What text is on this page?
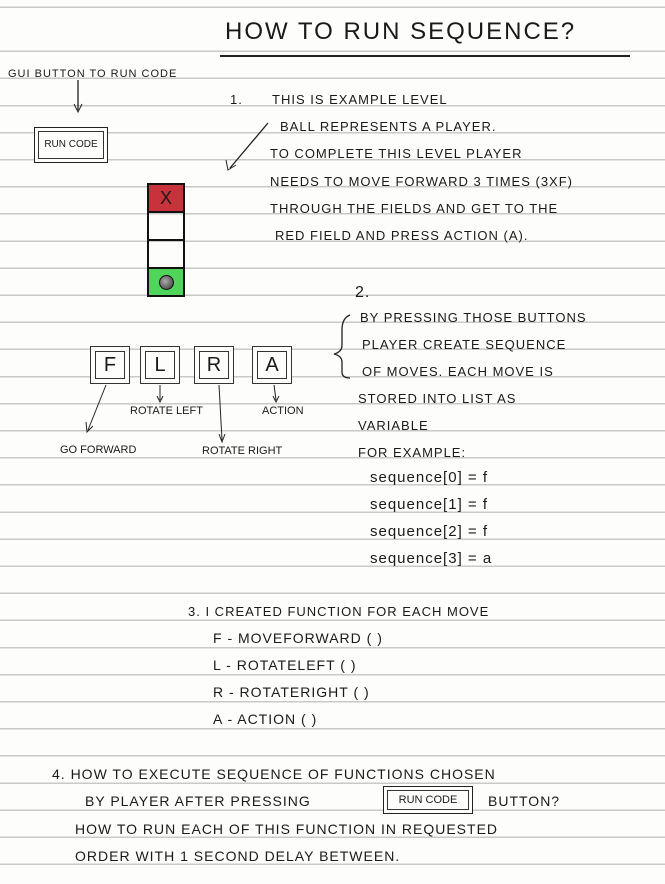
HOW TO RUN SEQUENCE?
GUI BUTTON TO RUN CODE
RUN CODE
X
1. THIS IS EXAMPLE LEVEL
BALL REPRESENTS A PLAYER.
TO COMPLETE THIS LEVEL PLAYER
NEEDS TO MOVE FORWARD 3 TIMES (3XF)
THROUGH THE FIELDS AND GET TO THE
RED FIELD AND PRESS ACTION (A).
F L R A
GO FORWARD
ROTATE LEFT
ROTATE RIGHT
ACTION
2.
BY PRESSING THOSE BUTTONS
PLAYER CREATE SEQUENCE
OF MOVES. EACH MOVE IS
STORED INTO LIST AS
VARIABLE
FOR EXAMPLE:
sequence[0] = f
sequence[1] = f
sequence[2] = f
sequence[3] = a
3. I CREATED FUNCTION FOR EACH MOVE
F - MOVEFORWARD ( )
L - ROTATELEFT ( )
R - ROTATERIGHT ( )
A - ACTION ( )
4. HOW TO EXECUTE SEQUENCE OF FUNCTIONS CHOSEN
BY PLAYER AFTER PRESSING	RUN CODE BUTTON?
HOW TO RUN EACH OF THIS FUNCTION IN REQUESTED
ORDER WITH 1 SECOND DELAY BETWEEN.
